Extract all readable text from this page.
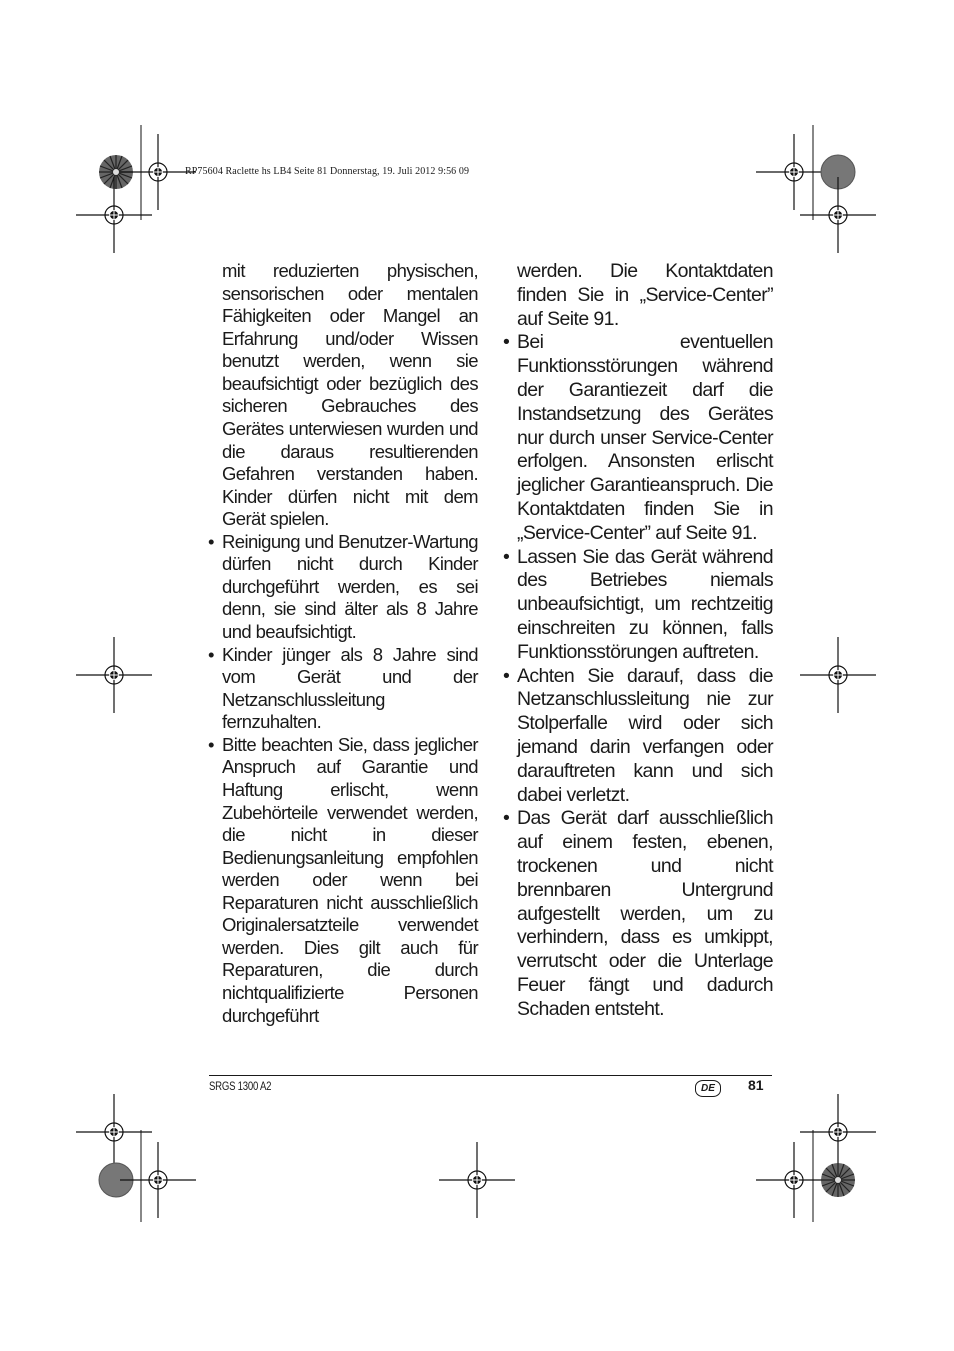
RP75604 Raclette hs LB4 Seite 81 Donnerstag, 19. Juli 2012 9:56 09

mit reduzierten physischen, sensorischen oder mentalen Fähigkeiten oder Mangel an Erfahrung und/oder Wissen benutzt werden, wenn sie beaufsichtigt oder bezüglich des sicheren Gebrauches des Gerätes unterwiesen wurden und die daraus resultierenden Gefahren verstanden haben. Kinder dürfen nicht mit dem Gerät spielen.

• Reinigung und Benutzer-Wartung dürfen nicht durch Kinder durchgeführt werden, es sei denn, sie sind älter als 8 Jahre und beaufsichtigt.
• Kinder jünger als 8 Jahre sind vom Gerät und der Netzanschlussleitung fernzuhalten.
• Bitte beachten Sie, dass jeglicher Anspruch auf Garantie und Haftung erlischt, wenn Zubehörteile verwendet werden, die nicht in dieser Bedienungsanleitung empfohlen werden oder wenn bei Reparaturen nicht ausschließlich Originalersatzteile verwendet werden. Dies gilt auch für Reparaturen, die durch nichtqualifizierte Personen durchgeführt

werden. Die Kontaktdaten finden Sie in „Service-Center” auf Seite 91.

• Bei eventuellen Funktionsstörungen während der Garantiezeit darf die Instandsetzung des Gerätes nur durch unser Service-Center erfolgen. Ansonsten erlischt jeglicher Garantieanspruch. Die Kontaktdaten finden Sie in „Service-Center” auf Seite 91.
• Lassen Sie das Gerät während des Betriebes niemals unbeaufsichtigt, um rechtzeitig einschreiten zu können, falls Funktionsstörungen auftreten.
• Achten Sie darauf, dass die Netzanschlussleitung nie zur Stolperfalle wird oder sich jemand darin verfangen oder darauftreten kann und sich dabei verletzt.
• Das Gerät darf ausschließlich auf einem festen, ebenen, trockenen und nicht brennbaren Untergrund aufgestellt werden, um zu verhindern, dass es umkippt, verrutscht oder die Unterlage Feuer fängt und dadurch Schaden entsteht.
SRGS 1300 A2	DE	81
